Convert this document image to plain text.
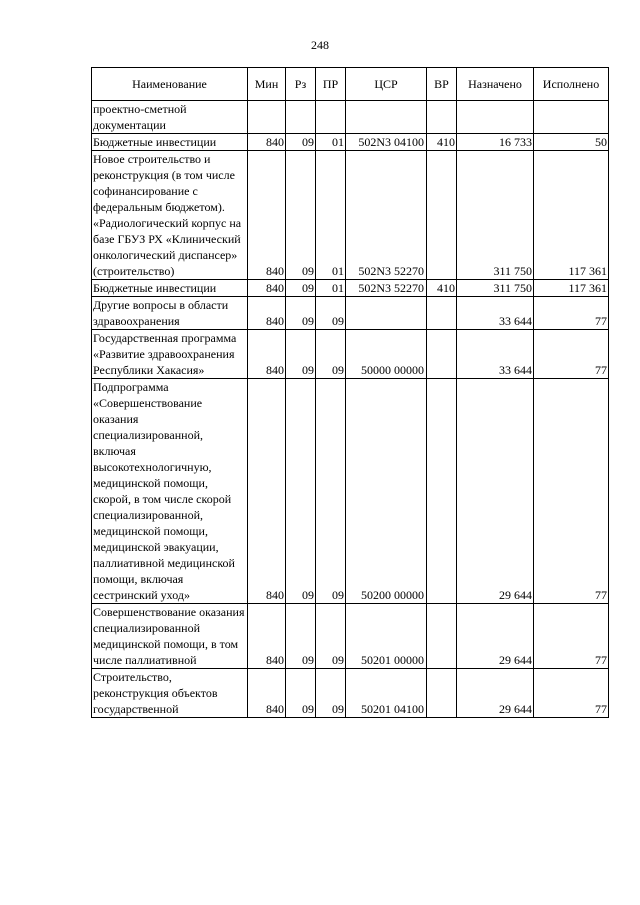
248
Наименование	Мин	Рз	ПР	ЦСР	ВР	Назначено	Исполнено
проектно-сметной документации							
Бюджетные инвестиции	840	09	01	502N3 04100	410	16 733	50
Новое строительство и реконструкция (в том числе софинансирование с федеральным бюджетом). «Радиологический корпус на базе ГБУЗ РХ «Клинический онкологический диспансер» (строительство)	840	09	01	502N3 52270		311 750	117 361
Бюджетные инвестиции	840	09	01	502N3 52270	410	311 750	117 361
Другие вопросы в области здравоохранения	840	09	09			33 644	77
Государственная программа «Развитие здравоохранения Республики Хакасия»	840	09	09	50000 00000		33 644	77
Подпрограмма «Совершенствование оказания специализированной, включая высокотехнологичную, медицинской помощи, скорой, в том числе скорой специализированной, медицинской помощи, медицинской эвакуации, паллиативной медицинской помощи, включая сестринский уход»	840	09	09	50200 00000		29 644	77
Совершенствование оказания специализированной медицинской помощи, в том числе паллиативной	840	09	09	50201 00000		29 644	77
Строительство, реконструкция объектов государственной	840	09	09	50201 04100		29 644	77
